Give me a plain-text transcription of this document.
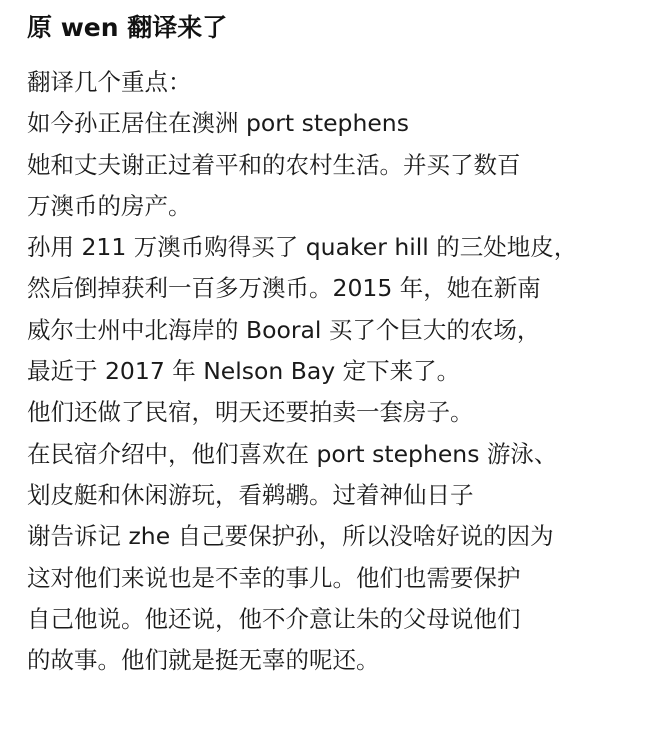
原 wen 翻译来了
翻译几个重点：
如今孙正居住在澳洲 port stephens
她和丈夫谢正过着平和的农村生活。并买了数百
万澳币的房产。
孙用 211 万澳币购得买了 quaker hill 的三处地皮，
然后倒掉获利一百多万澳币。2015 年，她在新南
威尔士州中北海岸的 Booral 买了个巨大的农场，
最近于 2017 年 Nelson Bay 定下来了。
他们还做了民宿，明天还要拍卖一套房子。
在民宿介绍中，他们喜欢在 port stephens 游泳、
划皮艇和休闲游玩，看鹈鹕。过着神仙日子
谢告诉记 zhe 自己要保护孙，所以没啥好说的因为
这对他们来说也是不幸的事儿。他们也需要保护
自己他说。他还说，他不介意让朱的父母说他们
的故事。他们就是挺无辜的呢还。
